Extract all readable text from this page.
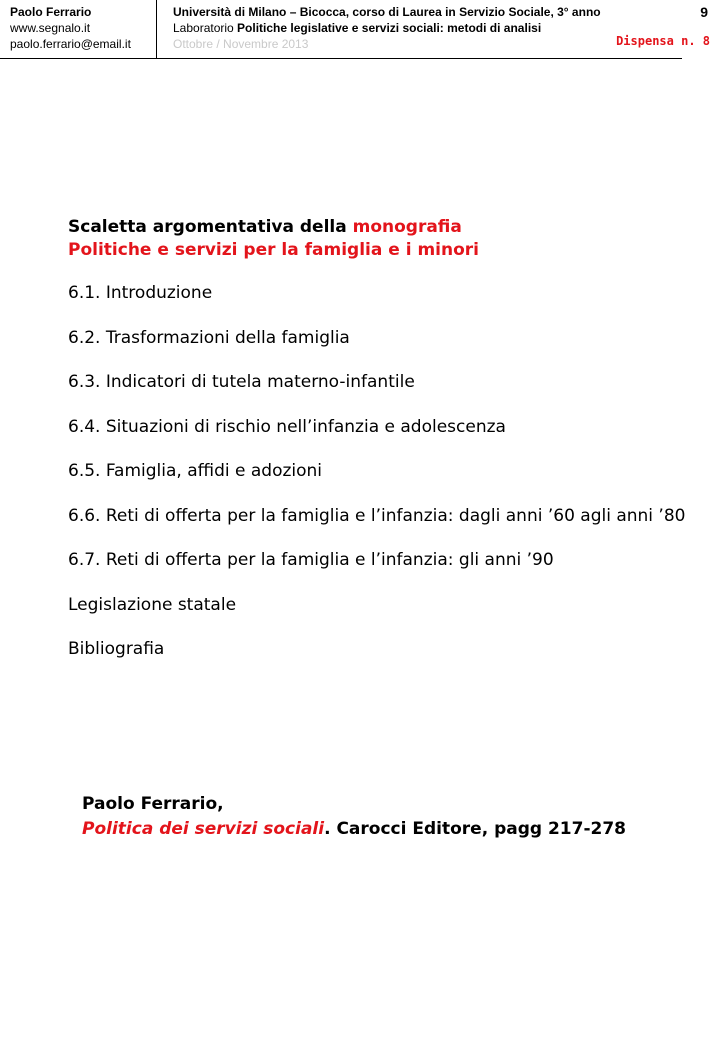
Paolo Ferrario
www.segnalo.it
paolo.ferrario@email.it
Università di Milano – Bicocca, corso di Laurea in Servizio Sociale, 3° anno
Laboratorio Politiche legislative e servizi sociali: metodi di analisi
Ottobre / Novembre 2013
9
Dispensa n. 8
Scaletta argomentativa della monografia
Politiche e servizi per la famiglia e i minori
6.1. Introduzione
6.2. Trasformazioni della famiglia
6.3. Indicatori di tutela materno-infantile
6.4. Situazioni di rischio nell’infanzia e adolescenza
6.5. Famiglia, affidi e adozioni
6.6. Reti di offerta per la famiglia e l’infanzia: dagli anni ’60 agli anni ’80
6.7. Reti di offerta per la famiglia e l’infanzia: gli anni ’90
Legislazione statale
Bibliografia
Paolo Ferrario,
Politica dei servizi sociali. Carocci Editore, pagg 217-278
